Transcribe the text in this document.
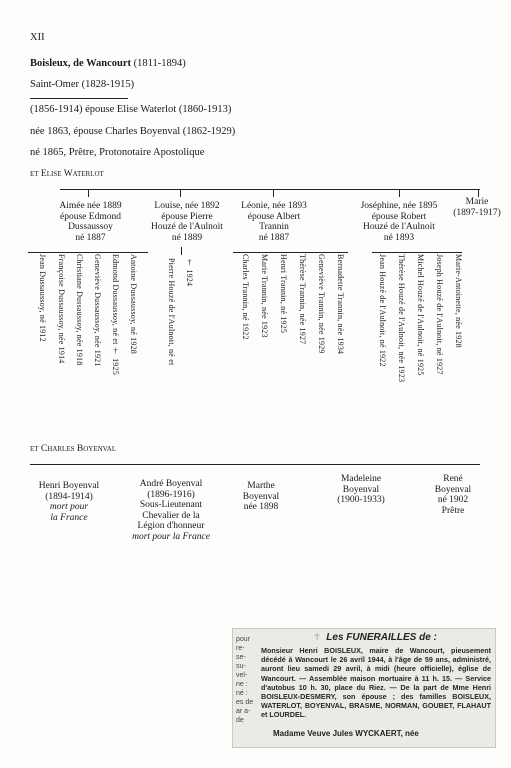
XII
Boisleux, de Wancourt (1811-1894)
Saint-Omer (1828-1915)
(1856-1914) épouse Elise Waterlot (1860-1913)
née 1863, épouse Charles Boyenval (1862-1929)
né 1865, Prêtre, Protonotaire Apostolique
et Elise Waterlot
Aimée née 1889
épouse Edmond
Dussaussoy
né 1887
Jean Dussaussoy, né 1912 Françoise Dussaussoy, née 1914 Christiane Dussaussoy, née 1918 Geneviève Dussaussoy, née 1921 Edmond Dussaussoy, né et † 1925 Antoine Dussaussoy, né 1928
Louise, née 1892
épouse Pierre
Houzé de l'Aulnoit
né 1889
Pierre Houzé de l'Aulnoit, né et † 1924
Léonie, née 1893
épouse Albert
Trannin
né 1887
Charles Trannin, né 1922 Marie Trannin, née 1923 Henri Trannin, né 1925 Thérèse Trannin, née 1927 Geneviève Trannin, née 1929 Bernadette Trannin, née 1934
Joséphine, née 1895
épouse Robert
Houzé de l'Aulnoit
né 1893
Jean Houzé de l'Aulnoit, né 1922 Thérèse Houzé de l'Aulnoit, née 1923 Michel Houzé de l'Aulnoit, né 1925 Joseph Houzé de l'Aulnoit, né 1927 Marie-Antoinette, née 1928
Marie
(1897-1917)
et Charles Boyenval
Henri Boyenval
(1894-1914)
mort pour
la France
André Boyenval
(1896-1916)
Sous-Lieutenant
Chevalier de la
Légion d'honneur
mort pour la France
Marthe
Boyenval
née 1898
Madeleine
Boyenval
(1900-1933)
René
Boyenval
né 1902
Prêtre
pour re- se- su- vel- ne : né : es de ar a- de
✝ Les FUNERAILLES de :
Monsieur Henri BOISLEUX, maire de Wancourt, pieusement décédé à Wancourt le 26 avril 1944, à l'âge de 59 ans, administré, auront lieu samedi 29 avril, à midi (heure officielle), église de Wancourt. — Assemblée maison mortuaire à 11 h. 15. — Service d'autobus 10 h. 30, place du Riez. — De la part de Mme Henri BOISLEUX-DESMERY, son épouse ; des familles BOISLEUX, WATERLOT, BOYENVAL, BRASME, NORMAN, GOUBET, FLAHAUT et LOURDEL.
Madame Veuve Jules WYCKAERT, née
